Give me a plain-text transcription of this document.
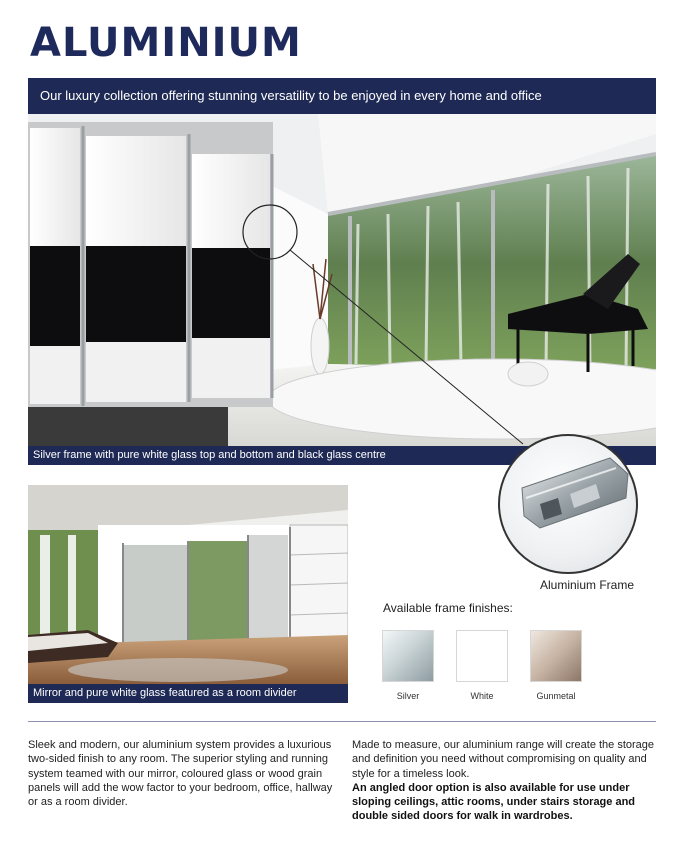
ALUMINIUM
Our luxury collection offering stunning versatility to be enjoyed in every home and office
Silver frame with pure white glass top and bottom and black glass centre
Aluminium Frame
Mirror and pure white glass featured as a room divider
Available frame finishes:
Silver	White	Gunmetal

Sleek and modern, our aluminium system provides a luxurious two-sided finish to any room. The superior styling and running system teamed with our mirror, coloured glass or wood grain panels will add the wow factor to your bedroom, office, hallway or as a room divider.

Made to measure, our aluminium range will create the storage and definition you need without compromising on quality and style for a timeless look.
An angled door option is also available for use under sloping ceilings, attic rooms, under stairs storage and double sided doors for walk in wardrobes.
